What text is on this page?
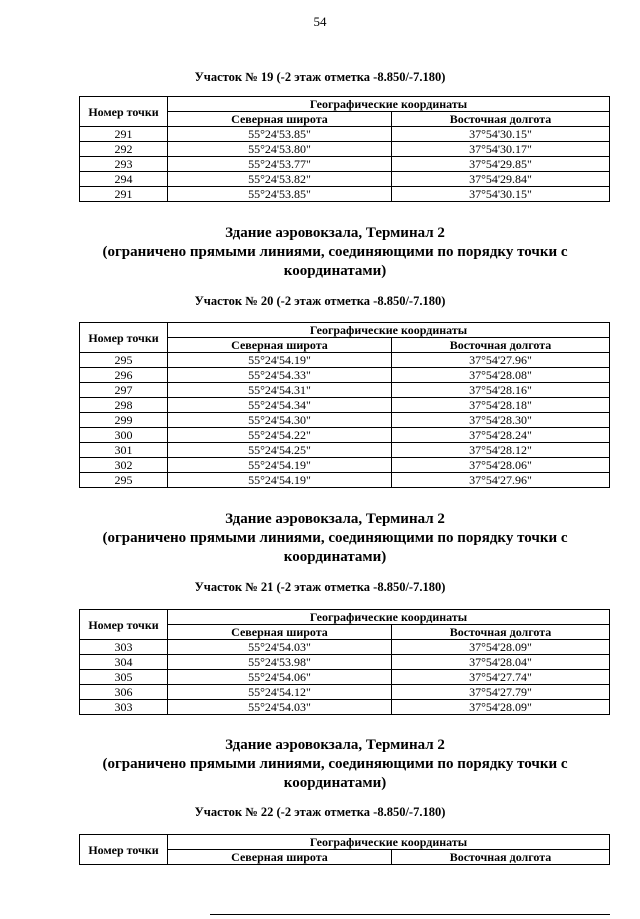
54
Участок № 19 (-2 этаж отметка -8.850/-7.180)
Номер точки	Географические координаты	
	Северная широта	Восточная долгота
291	55°24'53.85"	37°54'30.15"
292	55°24'53.80"	37°54'30.17"
293	55°24'53.77"	37°54'29.85"
294	55°24'53.82"	37°54'29.84"
291	55°24'53.85"	37°54'30.15"
Здание аэровокзала, Терминал 2
(ограничено прямыми линиями, соединяющими по порядку точки с
координатами)
Участок № 20 (-2 этаж отметка -8.850/-7.180)
Номер точки	Географические координаты	
	Северная широта	Восточная долгота
295	55°24'54.19"	37°54'27.96"
296	55°24'54.33"	37°54'28.08"
297	55°24'54.31"	37°54'28.16"
298	55°24'54.34"	37°54'28.18"
299	55°24'54.30"	37°54'28.30"
300	55°24'54.22"	37°54'28.24"
301	55°24'54.25"	37°54'28.12"
302	55°24'54.19"	37°54'28.06"
295	55°24'54.19"	37°54'27.96"
Здание аэровокзала, Терминал 2
(ограничено прямыми линиями, соединяющими по порядку точки с
координатами)
Участок № 21 (-2 этаж отметка -8.850/-7.180)
Номер точки	Географические координаты	
	Северная широта	Восточная долгота
303	55°24'54.03"	37°54'28.09"
304	55°24'53.98"	37°54'28.04"
305	55°24'54.06"	37°54'27.74"
306	55°24'54.12"	37°54'27.79"
303	55°24'54.03"	37°54'28.09"
Здание аэровокзала, Терминал 2
(ограничено прямыми линиями, соединяющими по порядку точки с
координатами)
Участок № 22 (-2 этаж отметка -8.850/-7.180)
Номер точки	Географические координаты	
	Северная широта	Восточная долгота
